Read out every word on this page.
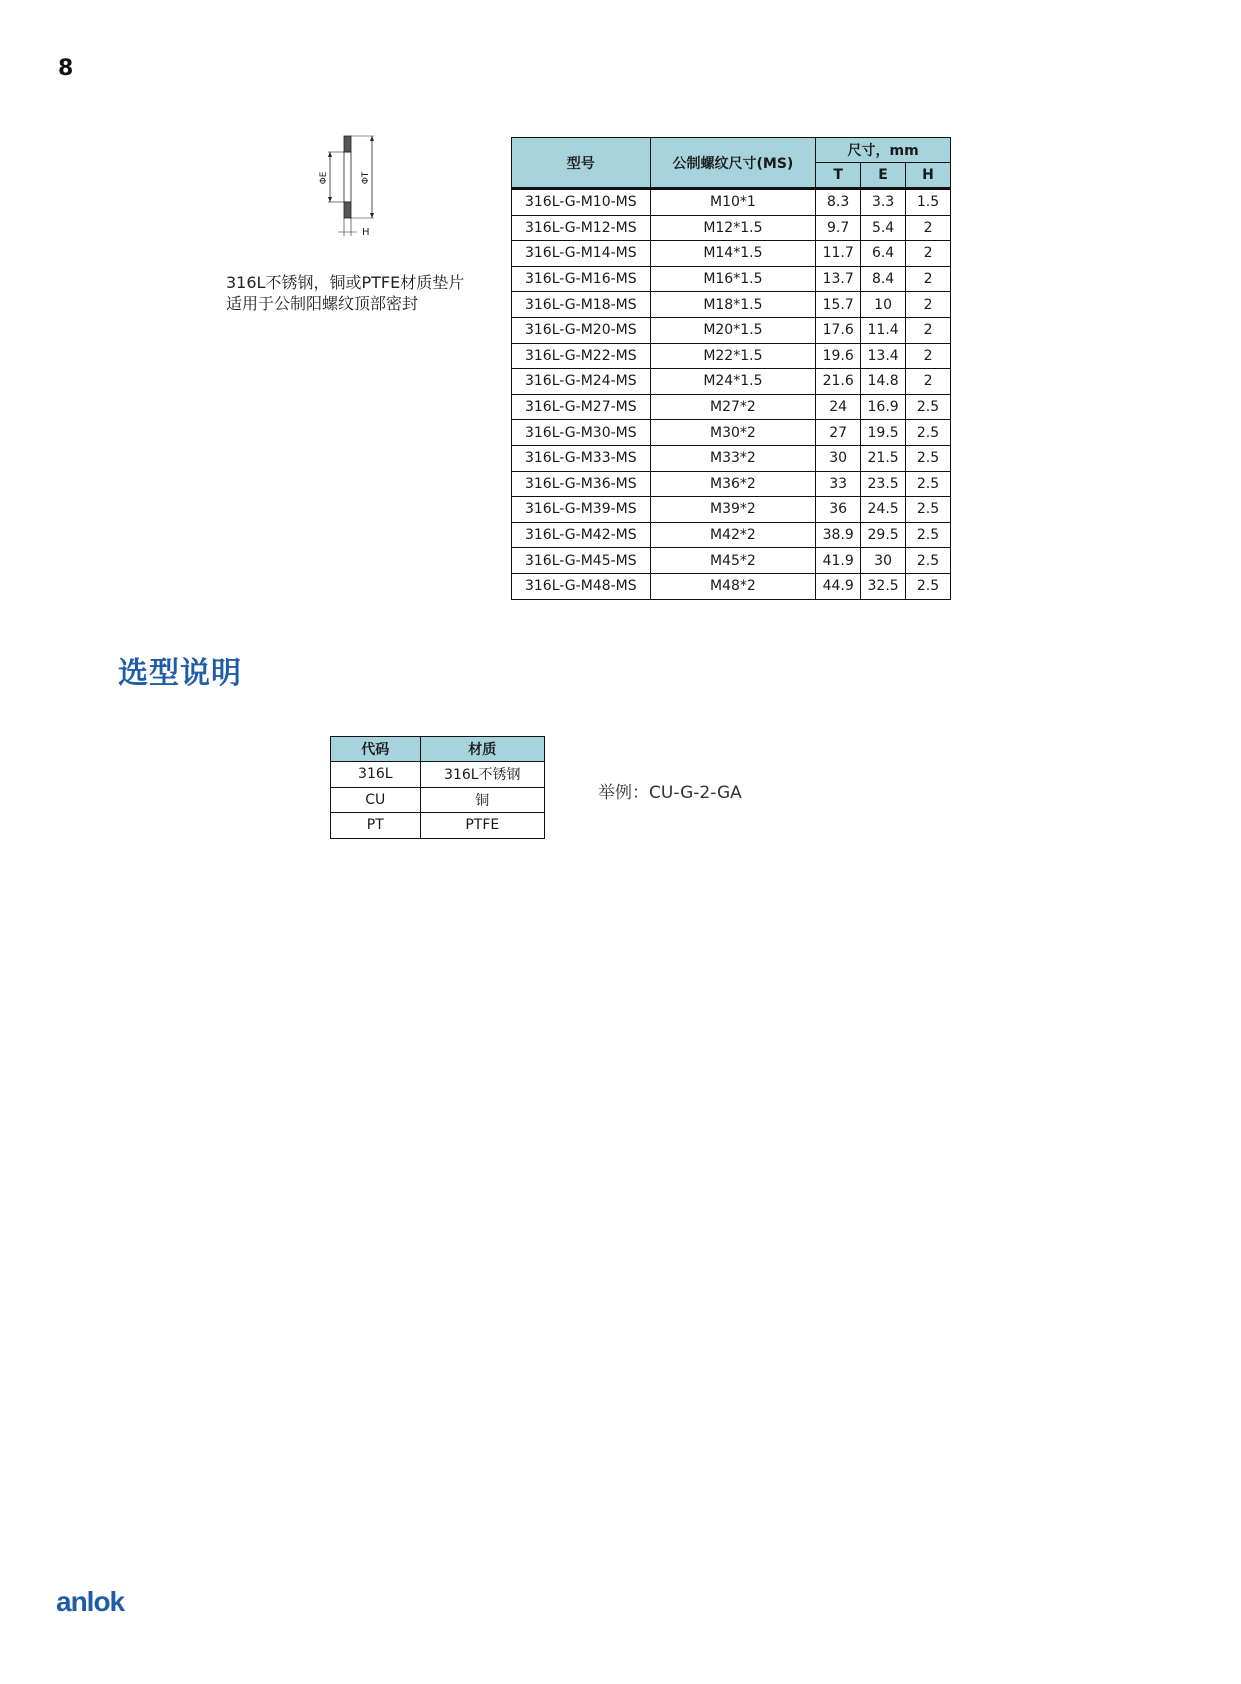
8
ΦE	ΦT
H
316L不锈钢，铜或PTFE材质垫片
适用于公制阳螺纹顶部密封
型号	公制螺纹尺寸(MS)	尺寸，mm		
		T	E	H
316L-G-M10-MS	M10*1	8.3	3.3	1.5
316L-G-M12-MS	M12*1.5	9.7	5.4	2
316L-G-M14-MS	M14*1.5	11.7	6.4	2
316L-G-M16-MS	M16*1.5	13.7	8.4	2
316L-G-M18-MS	M18*1.5	15.7	10	2
316L-G-M20-MS	M20*1.5	17.6	11.4	2
316L-G-M22-MS	M22*1.5	19.6	13.4	2
316L-G-M24-MS	M24*1.5	21.6	14.8	2
316L-G-M27-MS	M27*2	24	16.9	2.5
316L-G-M30-MS	M30*2	27	19.5	2.5
316L-G-M33-MS	M33*2	30	21.5	2.5
316L-G-M36-MS	M36*2	33	23.5	2.5
316L-G-M39-MS	M39*2	36	24.5	2.5
316L-G-M42-MS	M42*2	38.9	29.5	2.5
316L-G-M45-MS	M45*2	41.9	30	2.5
316L-G-M48-MS	M48*2	44.9	32.5	2.5
选型说明
代码	材质
316L	316L不锈钢
CU	铜
PT	PTFE
举例：CU-G-2-GA
anlok
